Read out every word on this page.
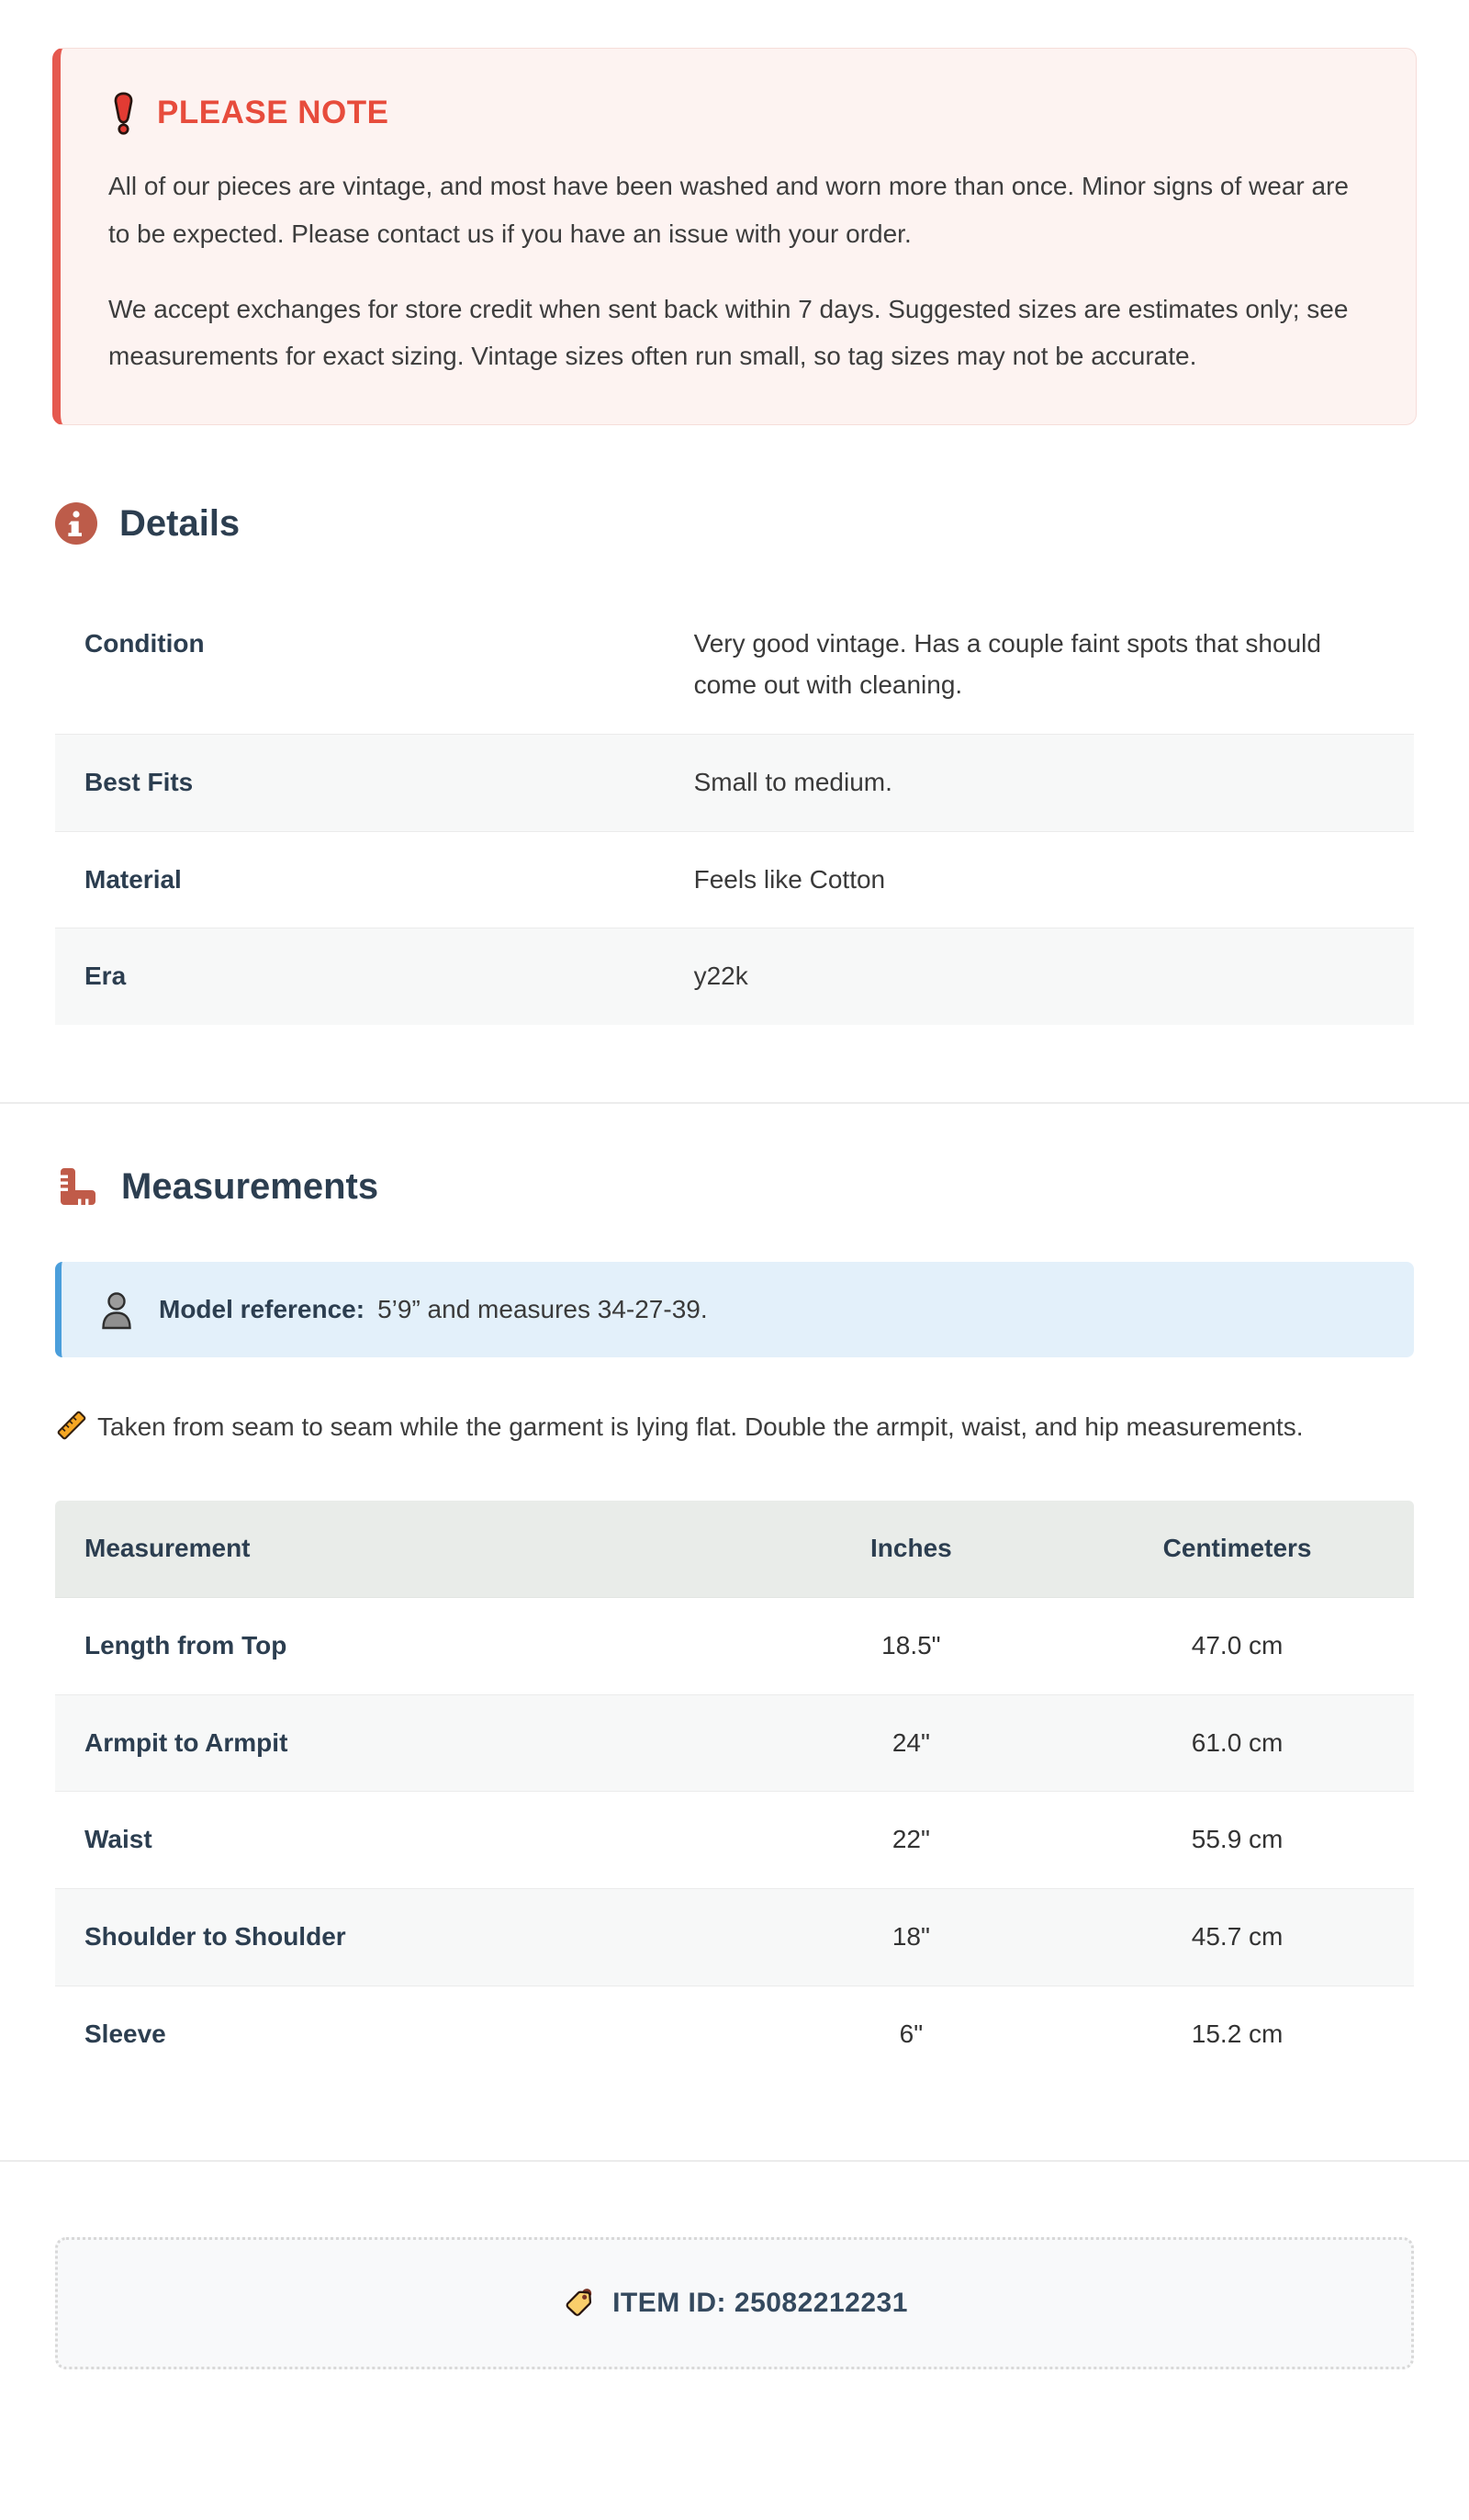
PLEASE NOTE

All of our pieces are vintage, and most have been washed and worn more than once. Minor signs of wear are to be expected. Please contact us if you have an issue with your order.

We accept exchanges for store credit when sent back within 7 days. Suggested sizes are estimates only; see measurements for exact sizing. Vintage sizes often run small, so tag sizes may not be accurate.

Details
Condition	Very good vintage. Has a couple faint spots that should come out with cleaning.
Best Fits	Small to medium.
Material	Feels like Cotton
Era	y22k
Measurements

Model reference: 5’9” and measures 34-27-39.

Taken from seam to seam while the garment is lying flat. Double the armpit, waist, and hip measurements.

Measurement	Inches	Centimeters
Length from Top	18.5"	47.0 cm
Armpit to Armpit	24"	61.0 cm
Waist	22"	55.9 cm
Shoulder to Shoulder	18"	45.7 cm
Sleeve	6"	15.2 cm
ITEM ID: 25082212231
